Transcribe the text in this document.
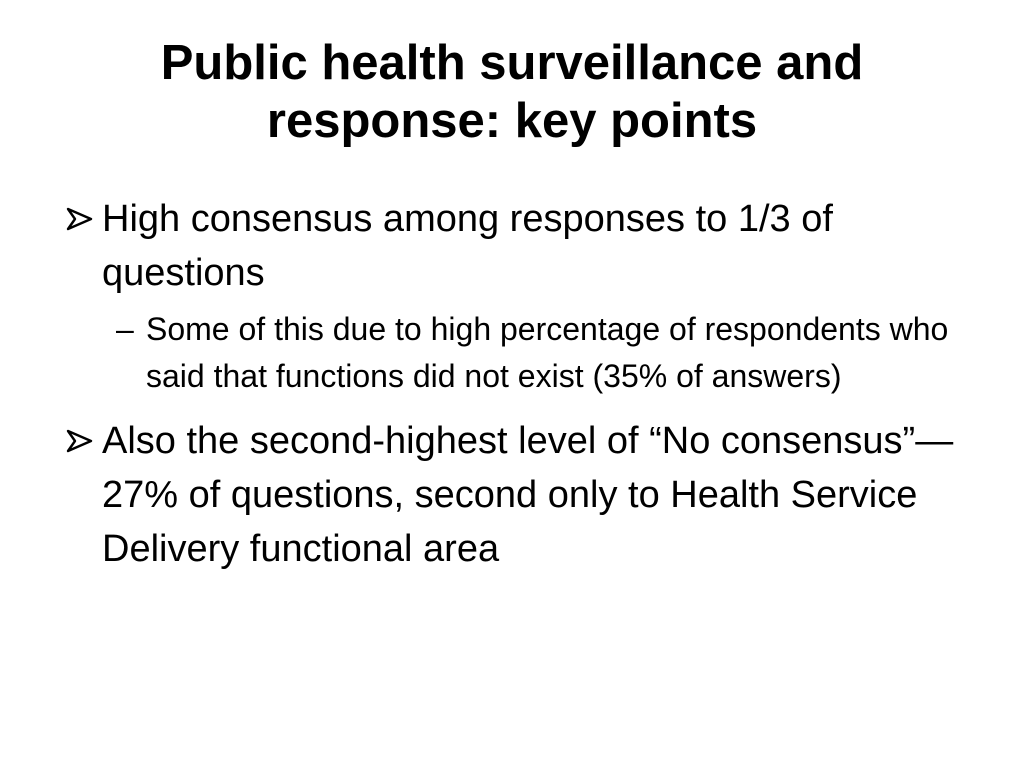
Public health surveillance and response: key points
High consensus among responses to 1/3 of questions
– Some of this due to high percentage of respondents who said that functions did not exist (35% of answers)
Also the second-highest level of “No consensus”—27% of questions, second only to Health Service Delivery functional area
